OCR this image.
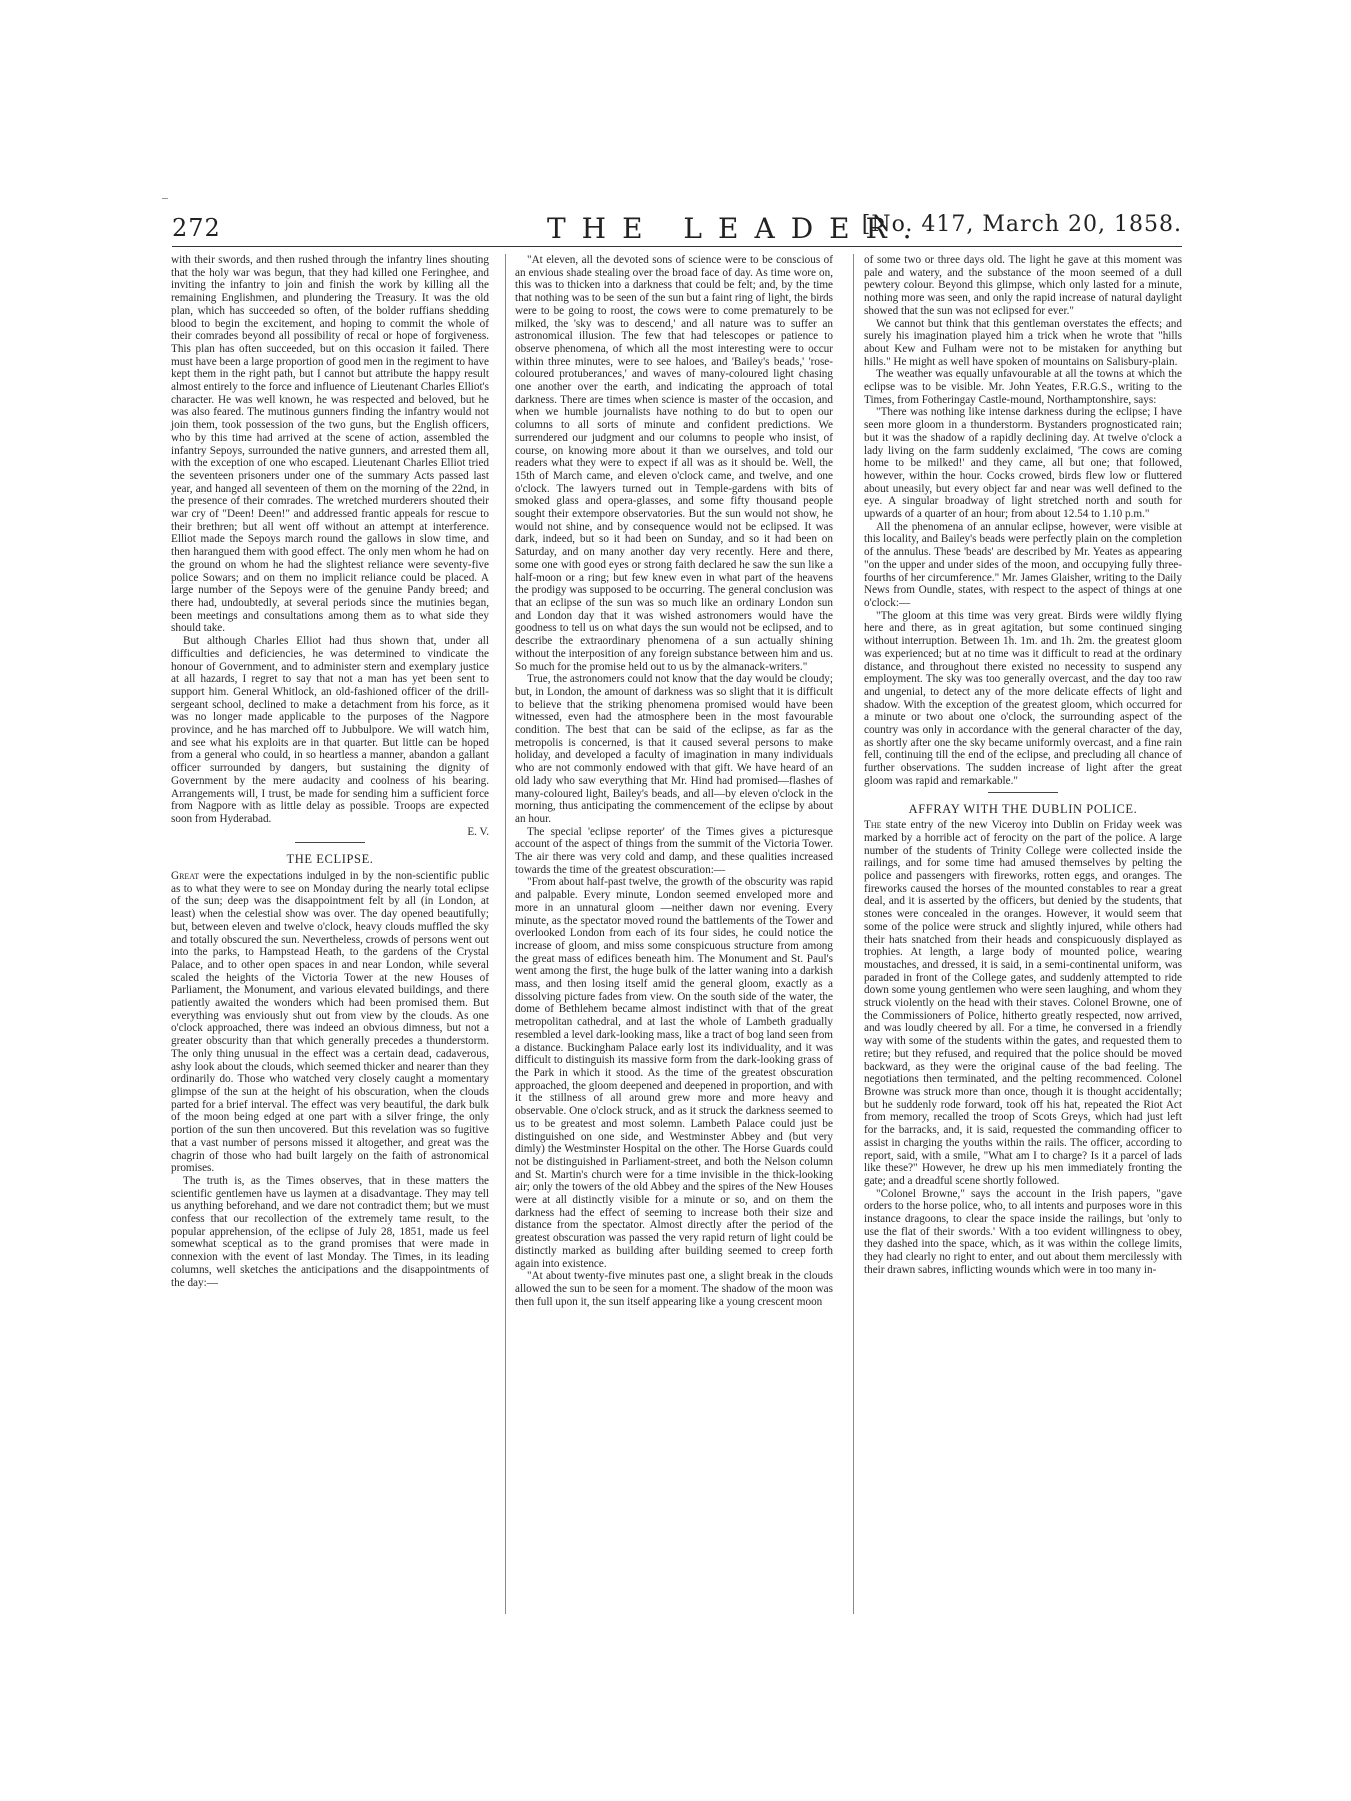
272	THE LEADER.
[No. 417, March 20, 1858.

with their swords, and then rushed through the infantry lines shouting that the holy war was begun, that they had killed one Feringhee, and inviting the infantry to join and finish the work by killing all the remaining Englishmen, and plundering the Treasury. It was the old plan, which has succeeded so often, of the bolder ruffians shedding blood to begin the excitement, and hoping to commit the whole of their comrades beyond all possibility of recal or hope of forgiveness. This plan has often succeeded, but on this occasion it failed. There must have been a large proportion of good men in the regiment to have kept them in the right path, but I cannot but attribute the happy result almost entirely to the force and influence of Lieutenant Charles Elliot's character. He was well known, he was respected and beloved, but he was also feared. The mutinous gunners finding the infantry would not join them, took possession of the two guns, but the English officers, who by this time had arrived at the scene of action, assembled the infantry Sepoys, surrounded the native gunners, and arrested them all, with the exception of one who escaped. Lieutenant Charles Elliot tried the seventeen prisoners under one of the summary Acts passed last year, and hanged all seventeen of them on the morning of the 22nd, in the presence of their comrades. The wretched murderers shouted their war cry of "Deen! Deen!" and addressed frantic appeals for rescue to their brethren; but all went off without an attempt at interference. Elliot made the Sepoys march round the gallows in slow time, and then harangued them with good effect. The only men whom he had on the ground on whom he had the slightest reliance were seventy-five police Sowars; and on them no implicit reliance could be placed. A large number of the Sepoys were of the genuine Pandy breed; and there had, undoubtedly, at several periods since the mutinies began, been meetings and consultations among them as to what side they should take.

But although Charles Elliot had thus shown that, under all difficulties and deficiencies, he was determined to vindicate the honour of Government, and to administer stern and exemplary justice at all hazards, I regret to say that not a man has yet been sent to support him. General Whitlock, an old-fashioned officer of the drill-sergeant school, declined to make a detachment from his force, as it was no longer made applicable to the purposes of the Nagpore province, and he has marched off to Jubbulpore. We will watch him, and see what his exploits are in that quarter. But little can be hoped from a general who could, in so heartless a manner, abandon a gallant officer surrounded by dangers, but sustaining the dignity of Government by the mere audacity and coolness of his bearing. Arrangements will, I trust, be made for sending him a sufficient force from Nagpore with as little delay as possible. Troops are expected soon from Hyderabad.

E. V.
THE ECLIPSE.

Great were the expectations indulged in by the non-scientific public as to what they were to see on Monday during the nearly total eclipse of the sun; deep was the disappointment felt by all (in London, at least) when the celestial show was over. The day opened beautifully; but, between eleven and twelve o'clock, heavy clouds muffled the sky and totally obscured the sun. Nevertheless, crowds of persons went out into the parks, to Hampstead Heath, to the gardens of the Crystal Palace, and to other open spaces in and near London, while several scaled the heights of the Victoria Tower at the new Houses of Parliament, the Monument, and various elevated buildings, and there patiently awaited the wonders which had been promised them. But everything was enviously shut out from view by the clouds. As one o'clock approached, there was indeed an obvious dimness, but not a greater obscurity than that which generally precedes a thunderstorm. The only thing unusual in the effect was a certain dead, cadaverous, ashy look about the clouds, which seemed thicker and nearer than they ordinarily do. Those who watched very closely caught a momentary glimpse of the sun at the height of his obscuration, when the clouds parted for a brief interval. The effect was very beautiful, the dark bulk of the moon being edged at one part with a silver fringe, the only portion of the sun then uncovered. But this revelation was so fugitive that a vast number of persons missed it altogether, and great was the chagrin of those who had built largely on the faith of astronomical promises.

The truth is, as the Times observes, that in these matters the scientific gentlemen have us laymen at a disadvantage. They may tell us anything beforehand, and we dare not contradict them; but we must confess that our recollection of the extremely tame result, to the popular apprehension, of the eclipse of July 28, 1851, made us feel somewhat sceptical as to the grand promises that were made in connexion with the event of last Monday. The Times, in its leading columns, well sketches the anticipations and the disappointments of the day:—

"At eleven, all the devoted sons of science were to be conscious of an envious shade stealing over the broad face of day. As time wore on, this was to thicken into a darkness that could be felt; and, by the time that nothing was to be seen of the sun but a faint ring of light, the birds were to be going to roost, the cows were to come prematurely to be milked, the 'sky was to descend,' and all nature was to suffer an astronomical illusion. The few that had telescopes or patience to observe phenomena, of which all the most interesting were to occur within three minutes, were to see haloes, and 'Bailey's beads,' 'rose-coloured protuberances,' and waves of many-coloured light chasing one another over the earth, and indicating the approach of total darkness. There are times when science is master of the occasion, and when we humble journalists have nothing to do but to open our columns to all sorts of minute and confident predictions. We surrendered our judgment and our columns to people who insist, of course, on knowing more about it than we ourselves, and told our readers what they were to expect if all was as it should be. Well, the 15th of March came, and eleven o'clock came, and twelve, and one o'clock. The lawyers turned out in Temple-gardens with bits of smoked glass and opera-glasses, and some fifty thousand people sought their extempore observatories. But the sun would not show, he would not shine, and by consequence would not be eclipsed. It was dark, indeed, but so it had been on Sunday, and so it had been on Saturday, and on many another day very recently. Here and there, some one with good eyes or strong faith declared he saw the sun like a half-moon or a ring; but few knew even in what part of the heavens the prodigy was supposed to be occurring. The general conclusion was that an eclipse of the sun was so much like an ordinary London sun and London day that it was wished astronomers would have the goodness to tell us on what days the sun would not be eclipsed, and to describe the extraordinary phenomena of a sun actually shining without the interposition of any foreign substance between him and us. So much for the promise held out to us by the almanack-writers."

True, the astronomers could not know that the day would be cloudy; but, in London, the amount of darkness was so slight that it is difficult to believe that the striking phenomena promised would have been witnessed, even had the atmosphere been in the most favourable condition. The best that can be said of the eclipse, as far as the metropolis is concerned, is that it caused several persons to make holiday, and developed a faculty of imagination in many individuals who are not commonly endowed with that gift. We have heard of an old lady who saw everything that Mr. Hind had promised—flashes of many-coloured light, Bailey's beads, and all—by eleven o'clock in the morning, thus anticipating the commencement of the eclipse by about an hour.

The special 'eclipse reporter' of the Times gives a picturesque account of the aspect of things from the summit of the Victoria Tower. The air there was very cold and damp, and these qualities increased towards the time of the greatest obscuration:—

"From about half-past twelve, the growth of the obscurity was rapid and palpable. Every minute, London seemed enveloped more and more in an unnatural gloom —neither dawn nor evening. Every minute, as the spectator moved round the battlements of the Tower and overlooked London from each of its four sides, he could notice the increase of gloom, and miss some conspicuous structure from among the great mass of edifices beneath him. The Monument and St. Paul's went among the first, the huge bulk of the latter waning into a darkish mass, and then losing itself amid the general gloom, exactly as a dissolving picture fades from view. On the south side of the water, the dome of Bethlehem became almost indistinct with that of the great metropolitan cathedral, and at last the whole of Lambeth gradually resembled a level dark-looking mass, like a tract of bog land seen from a distance. Buckingham Palace early lost its individuality, and it was difficult to distinguish its massive form from the dark-looking grass of the Park in which it stood. As the time of the greatest obscuration approached, the gloom deepened and deepened in proportion, and with it the stillness of all around grew more and more heavy and observable. One o'clock struck, and as it struck the darkness seemed to us to be greatest and most solemn. Lambeth Palace could just be distinguished on one side, and Westminster Abbey and (but very dimly) the Westminster Hospital on the other. The Horse Guards could not be distinguished in Parliament-street, and both the Nelson column and St. Martin's church were for a time invisible in the thick-looking air; only the towers of the old Abbey and the spires of the New Houses were at all distinctly visible for a minute or so, and on them the darkness had the effect of seeming to increase both their size and distance from the spectator. Almost directly after the period of the greatest obscuration was passed the very rapid return of light could be distinctly marked as building after building seemed to creep forth again into existence.

"At about twenty-five minutes past one, a slight break in the clouds allowed the sun to be seen for a moment. The shadow of the moon was then full upon it, the sun itself appearing like a young crescent moon

of some two or three days old. The light he gave at this moment was pale and watery, and the substance of the moon seemed of a dull pewtery colour. Beyond this glimpse, which only lasted for a minute, nothing more was seen, and only the rapid increase of natural daylight showed that the sun was not eclipsed for ever."

We cannot but think that this gentleman overstates the effects; and surely his imagination played him a trick when he wrote that "hills about Kew and Fulham were not to be mistaken for anything but hills." He might as well have spoken of mountains on Salisbury-plain.

The weather was equally unfavourable at all the towns at which the eclipse was to be visible. Mr. John Yeates, F.R.G.S., writing to the Times, from Fotheringay Castle-mound, Northamptonshire, says:

"There was nothing like intense darkness during the eclipse; I have seen more gloom in a thunderstorm. Bystanders prognosticated rain; but it was the shadow of a rapidly declining day. At twelve o'clock a lady living on the farm suddenly exclaimed, 'The cows are coming home to be milked!' and they came, all but one; that followed, however, within the hour. Cocks crowed, birds flew low or fluttered about uneasily, but every object far and near was well defined to the eye. A singular broadway of light stretched north and south for upwards of a quarter of an hour; from about 12.54 to 1.10 p.m."

All the phenomena of an annular eclipse, however, were visible at this locality, and Bailey's beads were perfectly plain on the completion of the annulus. These 'beads' are described by Mr. Yeates as appearing "on the upper and under sides of the moon, and occupying fully three-fourths of her circumference." Mr. James Glaisher, writing to the Daily News from Oundle, states, with respect to the aspect of things at one o'clock:—

"The gloom at this time was very great. Birds were wildly flying here and there, as in great agitation, but some continued singing without interruption. Between 1h. 1m. and 1h. 2m. the greatest gloom was experienced; but at no time was it difficult to read at the ordinary distance, and throughout there existed no necessity to suspend any employment. The sky was too generally overcast, and the day too raw and ungenial, to detect any of the more delicate effects of light and shadow. With the exception of the greatest gloom, which occurred for a minute or two about one o'clock, the surrounding aspect of the country was only in accordance with the general character of the day, as shortly after one the sky became uniformly overcast, and a fine rain fell, continuing till the end of the eclipse, and precluding all chance of further observations. The sudden increase of light after the great gloom was rapid and remarkable."

AFFRAY WITH THE DUBLIN POLICE.

The state entry of the new Viceroy into Dublin on Friday week was marked by a horrible act of ferocity on the part of the police. A large number of the students of Trinity College were collected inside the railings, and for some time had amused themselves by pelting the police and passengers with fireworks, rotten eggs, and oranges. The fireworks caused the horses of the mounted constables to rear a great deal, and it is asserted by the officers, but denied by the students, that stones were concealed in the oranges. However, it would seem that some of the police were struck and slightly injured, while others had their hats snatched from their heads and conspicuously displayed as trophies. At length, a large body of mounted police, wearing moustaches, and dressed, it is said, in a semi-continental uniform, was paraded in front of the College gates, and suddenly attempted to ride down some young gentlemen who were seen laughing, and whom they struck violently on the head with their staves. Colonel Browne, one of the Commissioners of Police, hitherto greatly respected, now arrived, and was loudly cheered by all. For a time, he conversed in a friendly way with some of the students within the gates, and requested them to retire; but they refused, and required that the police should be moved backward, as they were the original cause of the bad feeling. The negotiations then terminated, and the pelting recommenced. Colonel Browne was struck more than once, though it is thought accidentally; but he suddenly rode forward, took off his hat, repeated the Riot Act from memory, recalled the troop of Scots Greys, which had just left for the barracks, and, it is said, requested the commanding officer to assist in charging the youths within the rails. The officer, according to report, said, with a smile, "What am I to charge? Is it a parcel of lads like these?" However, he drew up his men immediately fronting the gate; and a dreadful scene shortly followed.

"Colonel Browne," says the account in the Irish papers, "gave orders to the horse police, who, to all intents and purposes wore in this instance dragoons, to clear the space inside the railings, but 'only to use the flat of their swords.' With a too evident willingness to obey, they dashed into the space, which, as it was within the college limits, they had clearly no right to enter, and out about them mercilessly with their drawn sabres, inflicting wounds which were in too many in-
